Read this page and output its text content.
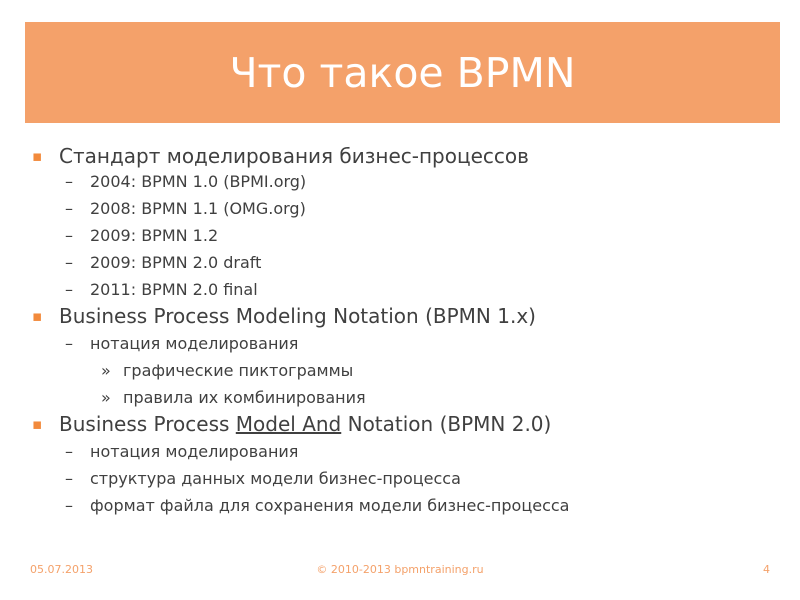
Что такое BPMN
▪ Стандарт моделирования бизнес-процессов
– 2004: BPMN 1.0 (BPMI.org)
– 2008: BPMN 1.1 (OMG.org)
– 2009: BPMN 1.2
– 2009: BPMN 2.0 draft
– 2011: BPMN 2.0 final
▪ Business Process Modeling Notation (BPMN 1.x)
– нотация моделирования
» графические пиктограммы
» правила их комбинирования
▪ Business Process Model And Notation (BPMN 2.0)
– нотация моделирования
– структура данных модели бизнес-процесса
– формат файла для сохранения модели бизнес-процесса
05.07.2013	© 2010-2013 bpmntraining.ru	4
